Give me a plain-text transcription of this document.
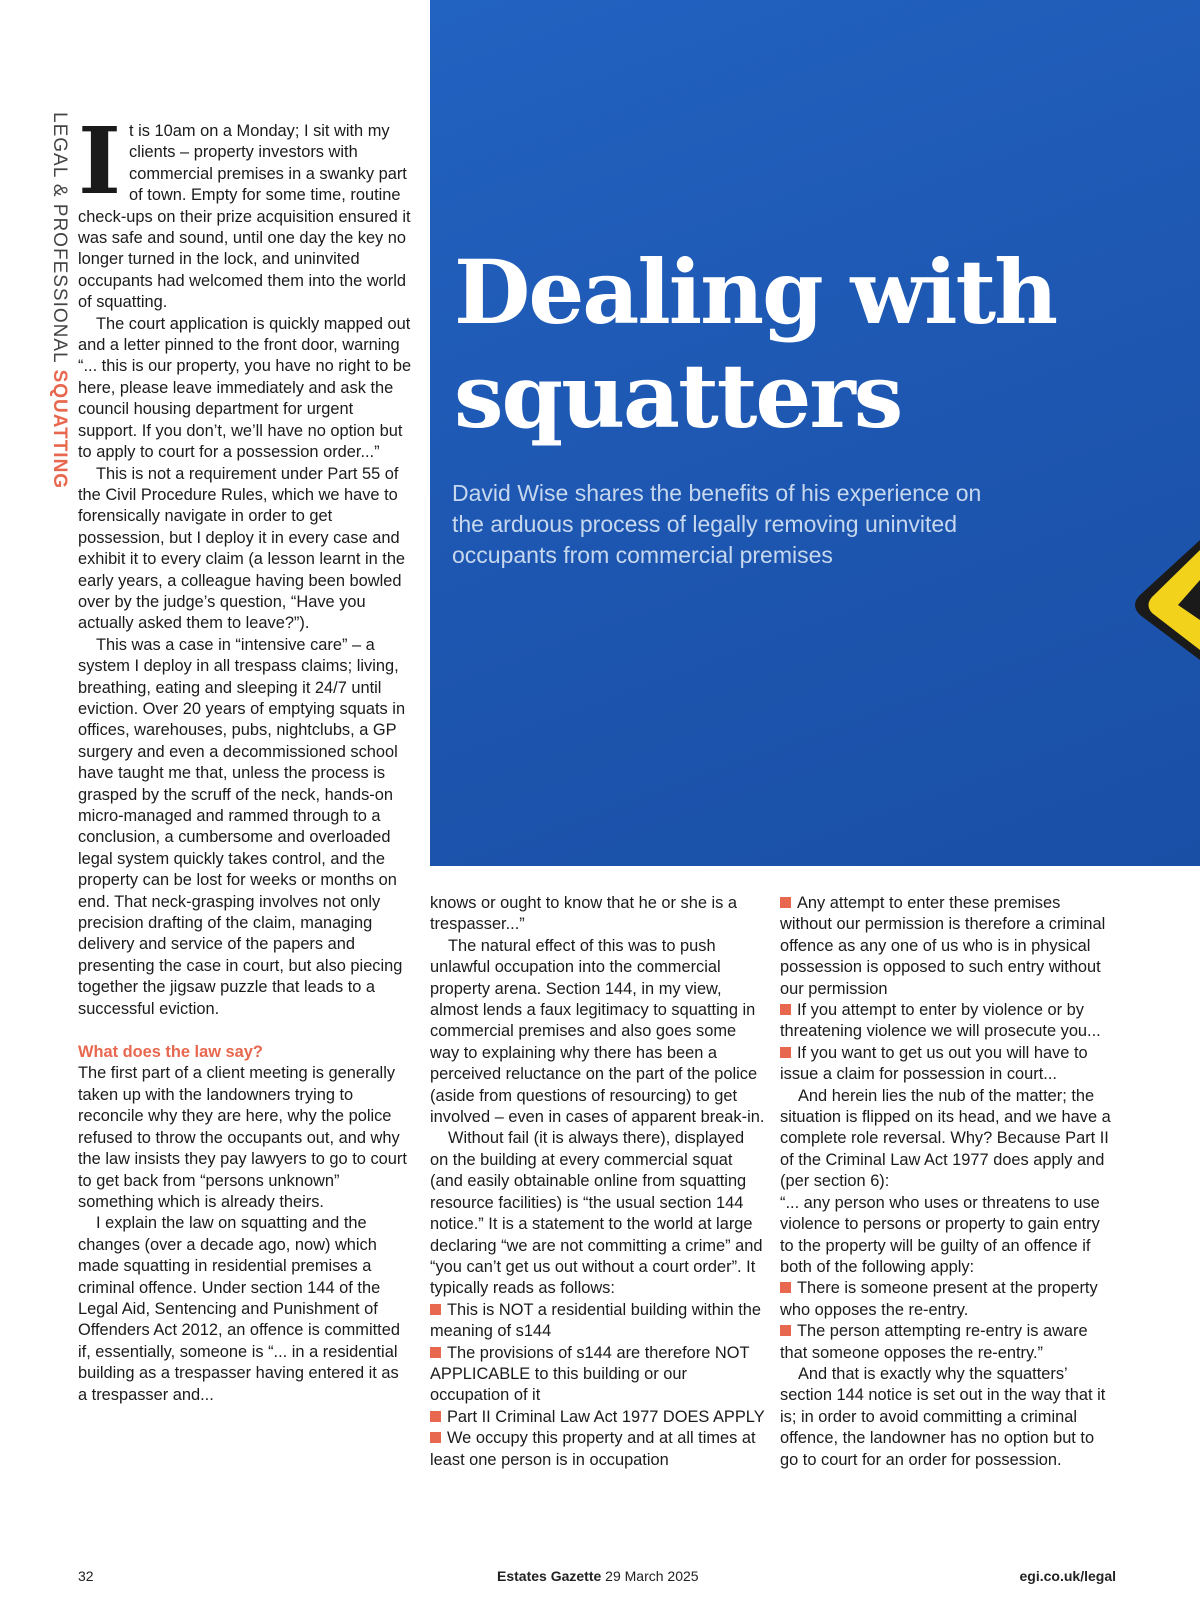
Dealing with squatters

David Wise shares the benefits of his experience on the arduous process of legally removing uninvited occupants from commercial premises

LEGAL & PROFESSIONALSQUATTING

It is 10am on a Monday; I sit with my clients – property investors with commercial premises in a swanky part of town. Empty for some time, routine check-ups on their prize acquisition ensured it was safe and sound, until one day the key no longer turned in the lock, and uninvited occupants had welcomed them into the world of squatting.

The court application is quickly mapped out and a letter pinned to the front door, warning “... this is our property, you have no right to be here, please leave immediately and ask the council housing department for urgent support. If you don’t, we’ll have no option but to apply to court for a possession order...”

This is not a requirement under Part 55 of the Civil Procedure Rules, which we have to forensically navigate in order to get possession, but I deploy it in every case and exhibit it to every claim (a lesson learnt in the early years, a colleague having been bowled over by the judge’s question, “Have you actually asked them to leave?”).

This was a case in “intensive care” – a system I deploy in all trespass claims; living, breathing, eating and sleeping it 24/7 until eviction. Over 20 years of emptying squats in offices, warehouses, pubs, nightclubs, a GP surgery and even a decommissioned school have taught me that, unless the process is grasped by the scruff of the neck, hands-on micro-managed and rammed through to a conclusion, a cumbersome and overloaded legal system quickly takes control, and the property can be lost for weeks or months on end. That neck-grasping involves not only precision drafting of the claim, managing delivery and service of the papers and presenting the case in court, but also piecing together the jigsaw puzzle that leads to a successful eviction.

What does the law say?

The first part of a client meeting is generally taken up with the landowners trying to reconcile why they are here, why the police refused to throw the occupants out, and why the law insists they pay lawyers to go to court to get back from “persons unknown” something which is already theirs.

I explain the law on squatting and the changes (over a decade ago, now) which made squatting in residential premises a criminal offence. Under section 144 of the Legal Aid, Sentencing and Punishment of Offenders Act 2012, an offence is committed if, essentially, someone is “... in a residential building as a trespasser having entered it as a trespasser and...

knows or ought to know that he or she is a trespasser...”

The natural effect of this was to push unlawful occupation into the commercial property arena. Section 144, in my view, almost lends a faux legitimacy to squatting in commercial premises and also goes some way to explaining why there has been a perceived reluctance on the part of the police (aside from questions of resourcing) to get involved – even in cases of apparent break-in.

Without fail (it is always there), displayed on the building at every commercial squat (and easily obtainable online from squatting resource facilities) is “the usual section 144 notice.” It is a statement to the world at large declaring “we are not committing a crime” and “you can’t get us out without a court order”. It typically reads as follows:

This is NOT a residential building within the meaning of s144

The provisions of s144 are therefore NOT APPLICABLE to this building or our occupation of it

Part II Criminal Law Act 1977 DOES APPLY

We occupy this property and at all times at least one person is in occupation

Any attempt to enter these premises without our permission is therefore a criminal offence as any one of us who is in physical possession is opposed to such entry without our permission

If you attempt to enter by violence or by threatening violence we will prosecute you...

If you want to get us out you will have to issue a claim for possession in court...

And herein lies the nub of the matter; the situation is flipped on its head, and we have a complete role reversal. Why? Because Part II of the Criminal Law Act 1977 does apply and (per section 6):

“... any person who uses or threatens to use violence to persons or property to gain entry to the property will be guilty of an offence if both of the following apply:

There is someone present at the property who opposes the re-entry.

The person attempting re-entry is aware that someone opposes the re-entry.”

And that is exactly why the squatters’ section 144 notice is set out in the way that it is; in order to avoid committing a criminal offence, the landowner has no option but to go to court for an order for possession.

32	Estates Gazette 29 March 2025	egi.co.uk/legal
